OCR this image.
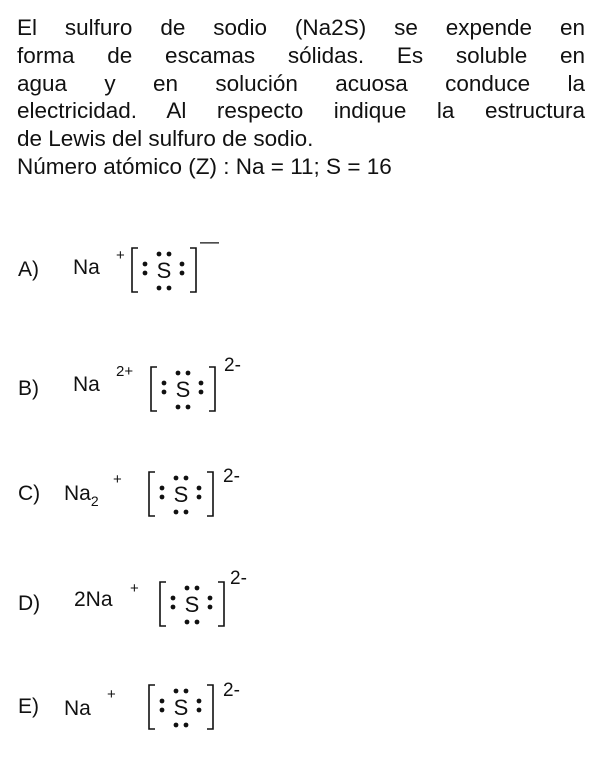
El sulfuro de sodio (Na2S) se expende en
forma de escamas sólidas. Es soluble en
agua y en solución acuosa conduce la
electricidad. Al respecto indique la estructura
de Lewis del sulfuro de sodio.
Número atómico (Z) : Na = 11; S = 16
A) Na
+
S
—
B) Na
2+
S
2-
C) $Na_2$
+
S
2-
D) 2Na +
S
2-
E) Na
+
S
2-
